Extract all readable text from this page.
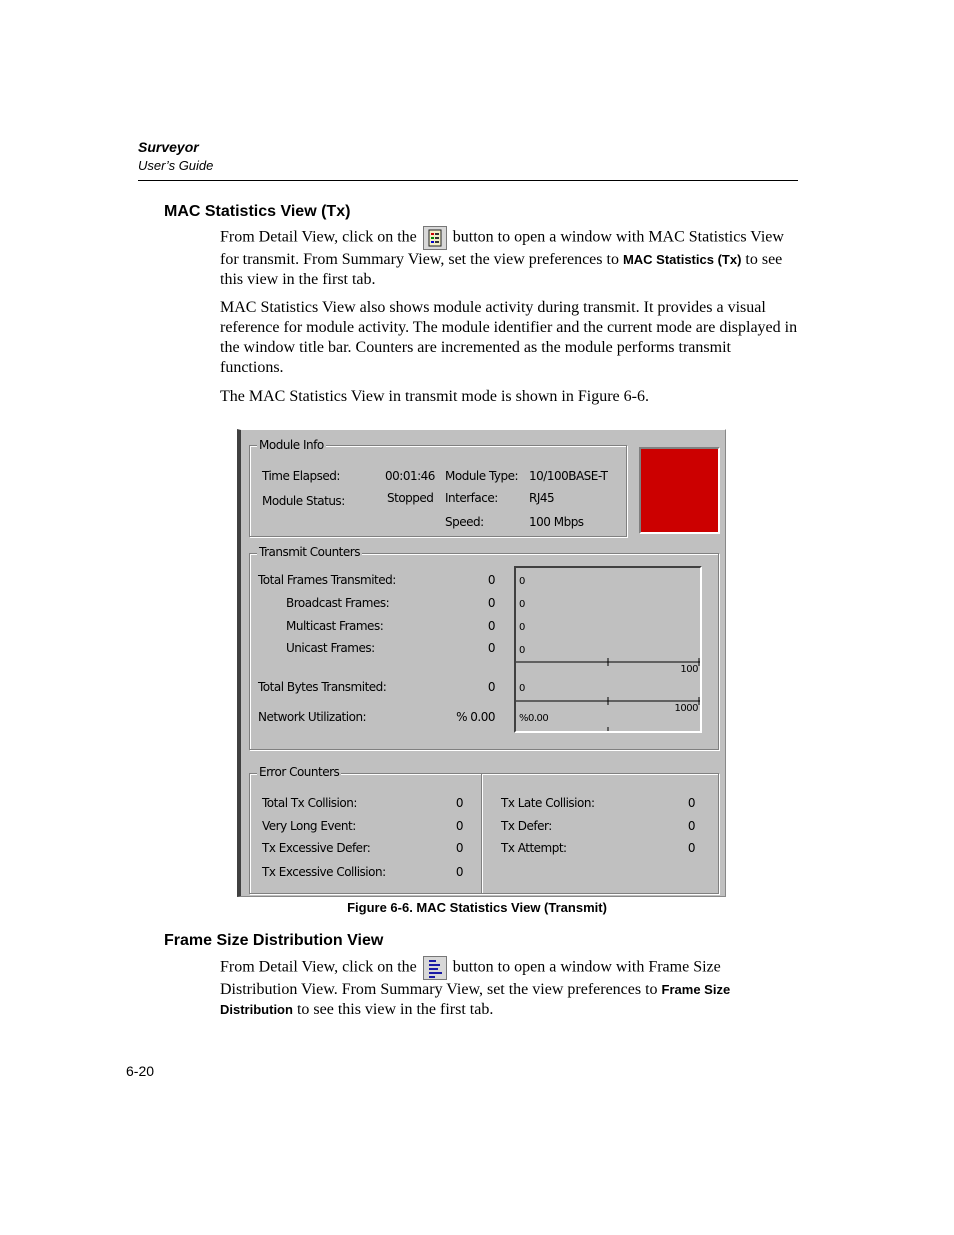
Surveyor
User’s Guide
MAC Statistics View (Tx)
From Detail View, click on the button to open a window with MAC Statistics View for transmit. From Summary View, set the view preferences to MAC Statistics (Tx) to see this view in the first tab.
MAC Statistics View also shows module activity during transmit. It provides a visual reference for module activity. The module identifier and the current mode are displayed in the window title bar. Counters are incremented as the module performs transmit functions.
The MAC Statistics View in transmit mode is shown in Figure 6-6.
Module Info
Time Elapsed:	00:01:46
Module Status:	Stopped
Module Type: 10/100BASE-T
Interface:	RJ45
Speed:	100 Mbps
Transmit Counters
Total Frames Transmited:	0
Broadcast Frames:	0
Multicast Frames:	0
Unicast Frames:	0
Total Bytes Transmited:	0
Network Utilization:	% 0.00
0
0
0
0
100
0
1000
%0.00
Error Counters
Total Tx Collision:	0
Very Long Event:	0
Tx Excessive Defer:	0
Tx Excessive Collision:	0
Tx Late Collision:	0
Tx Defer:	0
Tx Attempt:	0
Figure 6-6. MAC Statistics View (Transmit)
Frame Size Distribution View
From Detail View, click on the button to open a window with Frame Size Distribution View. From Summary View, set the view preferences to Frame Size Distribution to see this view in the first tab.
6-20
